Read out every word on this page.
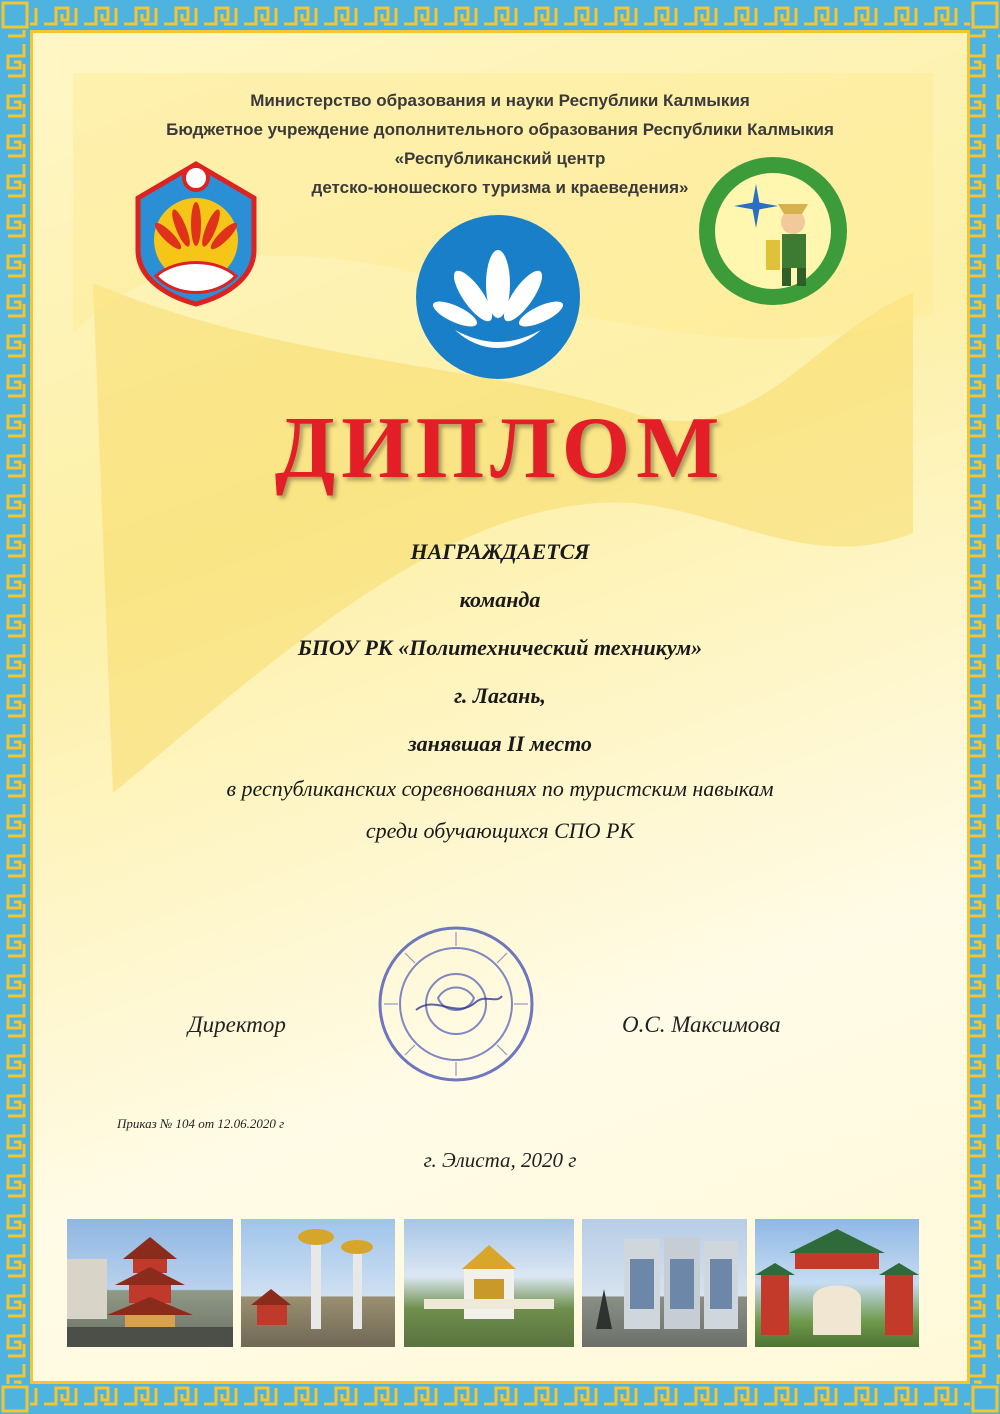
Министерство образования и науки Республики Калмыкия
Бюджетное учреждение дополнительного образования Республики Калмыкия
«Республиканский центр
детско-юношеского туризма и краеведения»
ДИПЛОМ
НАГРАЖДАЕТСЯ
команда
БПОУ РК «Политехнический техникум»
г. Лагань,
занявшая II место
в республиканских соревнованиях по туристским навыкам
среди обучающихся СПО РК
Директор	О.С. Максимова
Приказ № 104 от 12.06.2020 г
г. Элиста, 2020 г
